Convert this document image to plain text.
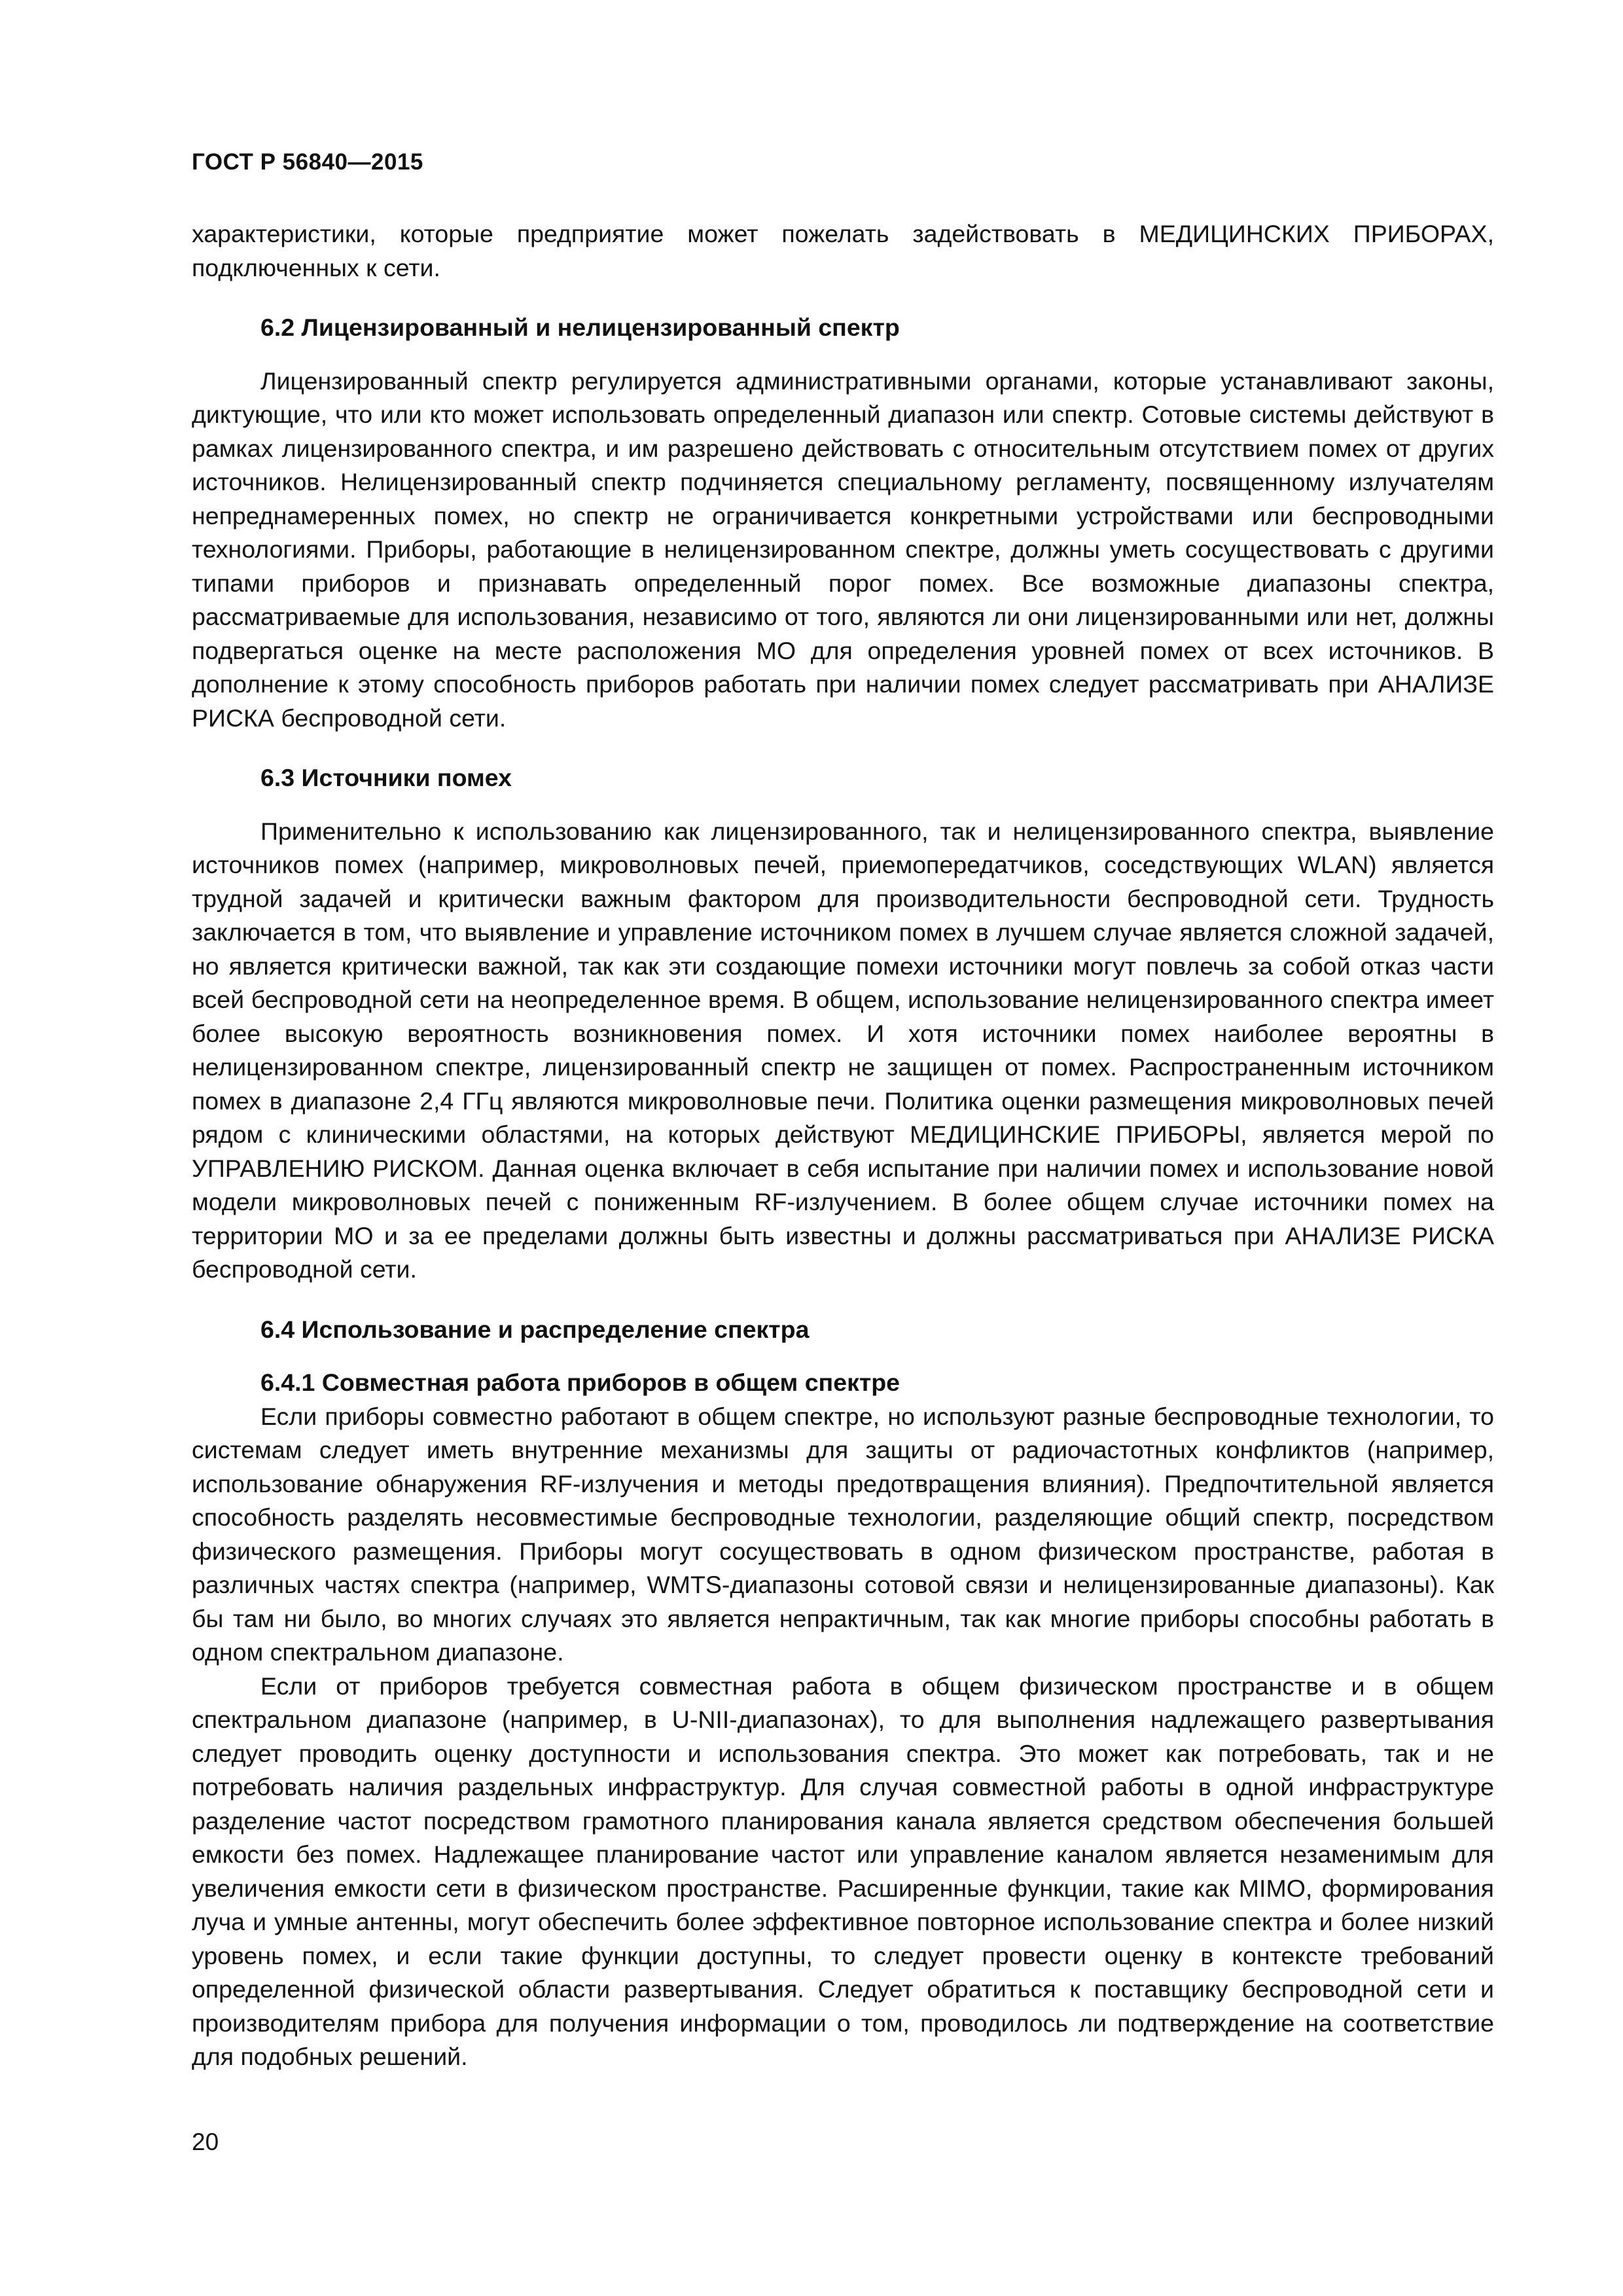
ГОСТ Р 56840—2015

характеристики, которые предприятие может пожелать задействовать в МЕДИЦИНСКИХ ПРИБОРАХ, подключенных к сети.

6.2 Лицензированный и нелицензированный спектр

Лицензированный спектр регулируется административными органами, которые устанавливают законы, диктующие, что или кто может использовать определенный диапазон или спектр. Сотовые системы действуют в рамках лицензированного спектра, и им разрешено действовать с относительным отсутствием помех от других источников. Нелицензированный спектр подчиняется специальному регламенту, посвященному излучателям непреднамеренных помех, но спектр не ограничивается конкретными устройствами или беспроводными технологиями. Приборы, работающие в нелицензированном спектре, должны уметь сосуществовать с другими типами приборов и признавать определенный порог помех. Все возможные диапазоны спектра, рассматриваемые для использования, независимо от того, являются ли они лицензированными или нет, должны подвергаться оценке на месте расположения МО для определения уровней помех от всех источников. В дополнение к этому способность приборов работать при наличии помех следует рассматривать при АНАЛИЗЕ РИСКА беспроводной сети.

6.3 Источники помех

Применительно к использованию как лицензированного, так и нелицензированного спектра, выявление источников помех (например, микроволновых печей, приемопередатчиков, соседствующих WLAN) является трудной задачей и критически важным фактором для производительности беспроводной сети. Трудность заключается в том, что выявление и управление источником помех в лучшем случае является сложной задачей, но является критически важной, так как эти создающие помехи источники могут повлечь за собой отказ части всей беспроводной сети на неопределенное время. В общем, использование нелицензированного спектра имеет более высокую вероятность возникновения помех. И хотя источники помех наиболее вероятны в нелицензированном спектре, лицензированный спектр не защищен от помех. Распространенным источником помех в диапазоне 2,4 ГГц являются микроволновые печи. Политика оценки размещения микроволновых печей рядом с клиническими областями, на которых действуют МЕДИЦИНСКИЕ ПРИБОРЫ, является мерой по УПРАВЛЕНИЮ РИСКОМ. Данная оценка включает в себя испытание при наличии помех и использование новой модели микроволновых печей с пониженным RF-излучением. В более общем случае источники помех на территории МО и за ее пределами должны быть известны и должны рассматриваться при АНАЛИЗЕ РИСКА беспроводной сети.

6.4 Использование и распределение спектра
6.4.1 Совместная работа приборов в общем спектре

Если приборы совместно работают в общем спектре, но используют разные беспроводные технологии, то системам следует иметь внутренние механизмы для защиты от радиочастотных конфликтов (например, использование обнаружения RF-излучения и методы предотвращения влияния). Предпочтительной является способность разделять несовместимые беспроводные технологии, разделяющие общий спектр, посредством физического размещения. Приборы могут сосуществовать в одном физическом пространстве, работая в различных частях спектра (например, WMTS-диапазоны сотовой связи и нелицензированные диапазоны). Как бы там ни было, во многих случаях это является непрактичным, так как многие приборы способны работать в одном спектральном диапазоне.

Если от приборов требуется совместная работа в общем физическом пространстве и в общем спектральном диапазоне (например, в U-NII-диапазонах), то для выполнения надлежащего развертывания следует проводить оценку доступности и использования спектра. Это может как потребовать, так и не потребовать наличия раздельных инфраструктур. Для случая совместной работы в одной инфраструктуре разделение частот посредством грамотного планирования канала является средством обеспечения большей емкости без помех. Надлежащее планирование частот или управление каналом является незаменимым для увеличения емкости сети в физическом пространстве. Расширенные функции, такие как MIMO, формирования луча и умные антенны, могут обеспечить более эффективное повторное использование спектра и более низкий уровень помех, и если такие функции доступны, то следует провести оценку в контексте требований определенной физической области развертывания. Следует обратиться к поставщику беспроводной сети и производителям прибора для получения информации о том, проводилось ли подтверждение на соответствие для подобных решений.

20
